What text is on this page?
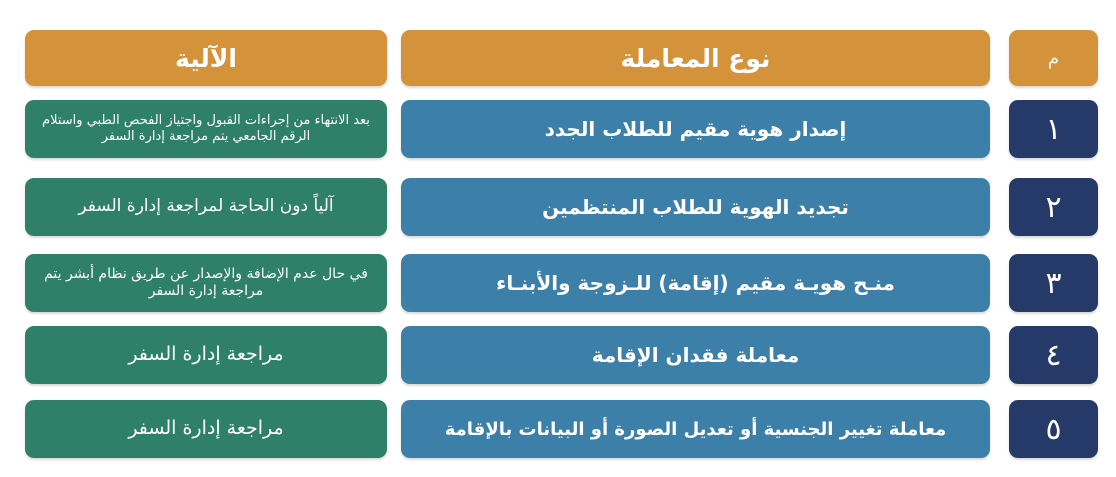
الآلية	نوع المعاملة	م
بعد الانتهاء من إجراءات القبول واجتياز الفحص الطبي واستلام الرقم الجامعي يتم مراجعة إدارة السفر	إصدار هوية مقيم للطلاب الجدد	١
آلياً دون الحاجة لمراجعة إدارة السفر	تجديد الهوية للطلاب المنتظمين	٢
في حال عدم الإضافة والإصدار عن طريق نظام أبشر يتم مراجعة إدارة السفر	منـح هويـة مقيم (إقامة) للـزوجة والأبنـاء	٣
مراجعة إدارة السفر	معاملة فقدان الإقامة	٤
مراجعة إدارة السفر	معاملة تغيير الجنسية أو تعديل الصورة أو البيانات بالإقامة	٥
